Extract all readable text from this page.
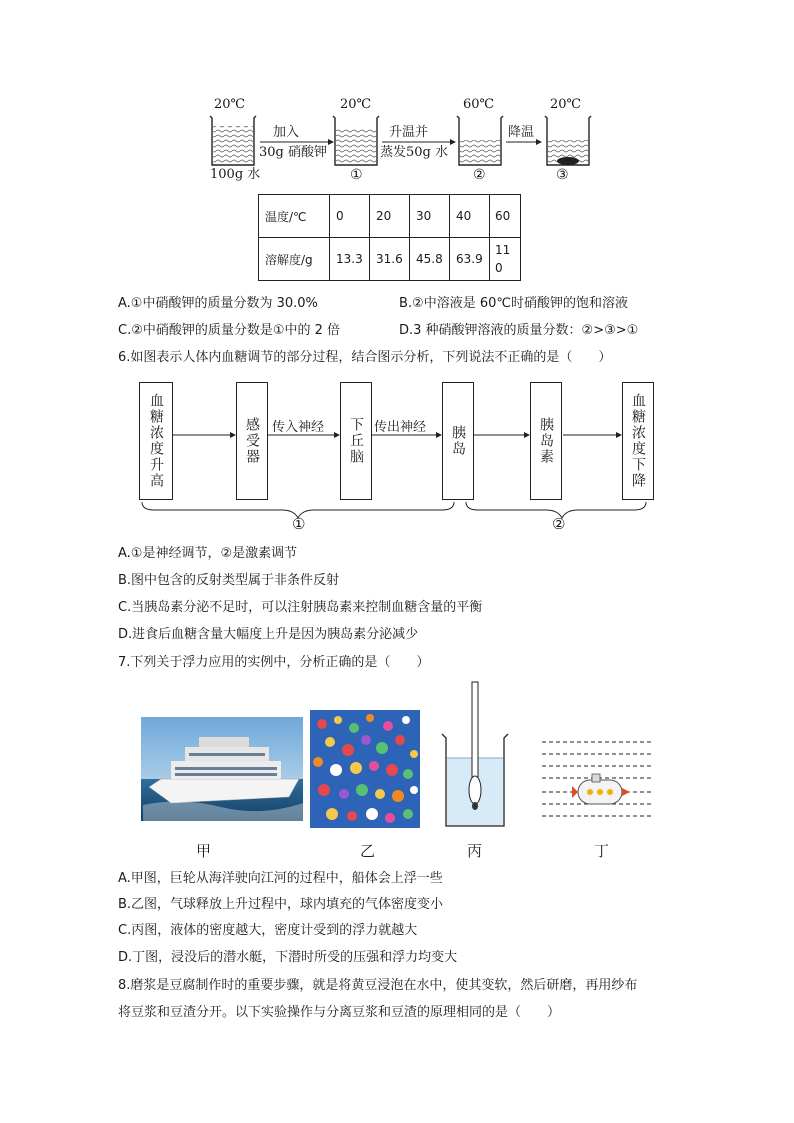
20℃	20℃	60℃	20℃
加入
30g 硝酸钾
升温并
蒸发50g 水
降温
100g 水	①	②	③
温度/℃	0	20	30	40	60
溶解度/g	13.3	31.6	45.8	63.9	110
A.①中硝酸钾的质量分数为 30.0%	B.②中溶液是 60℃时硝酸钾的饱和溶液
C.②中硝酸钾的质量分数是①中的 2 倍	D.3 种硝酸钾溶液的质量分数：②>③>①
6.如图表示人体内血糖调节的部分过程，结合图示分析，下列说法不正确的是（　　）
血糖浓度升高	感受器	下丘脑	胰岛	胰岛素	血糖浓度下降
传入神经	传出神经
①	②
A.①是神经调节，②是激素调节
B.图中包含的反射类型属于非条件反射
C.当胰岛素分泌不足时，可以注射胰岛素来控制血糖含量的平衡
D.进食后血糖含量大幅度上升是因为胰岛素分泌减少
7.下列关于浮力应用的实例中，分析正确的是（　　）
甲	乙	丙	丁
A.甲图，巨轮从海洋驶向江河的过程中，船体会上浮一些
B.乙图，气球释放上升过程中，球内填充的气体密度变小
C.丙图，液体的密度越大，密度计受到的浮力就越大
D.丁图，浸没后的潜水艇，下潜时所受的压强和浮力均变大
8.磨浆是豆腐制作时的重要步骤，就是将黄豆浸泡在水中，使其变软，然后研磨，再用纱布
将豆浆和豆渣分开。以下实验操作与分离豆浆和豆渣的原理相同的是（　　）
